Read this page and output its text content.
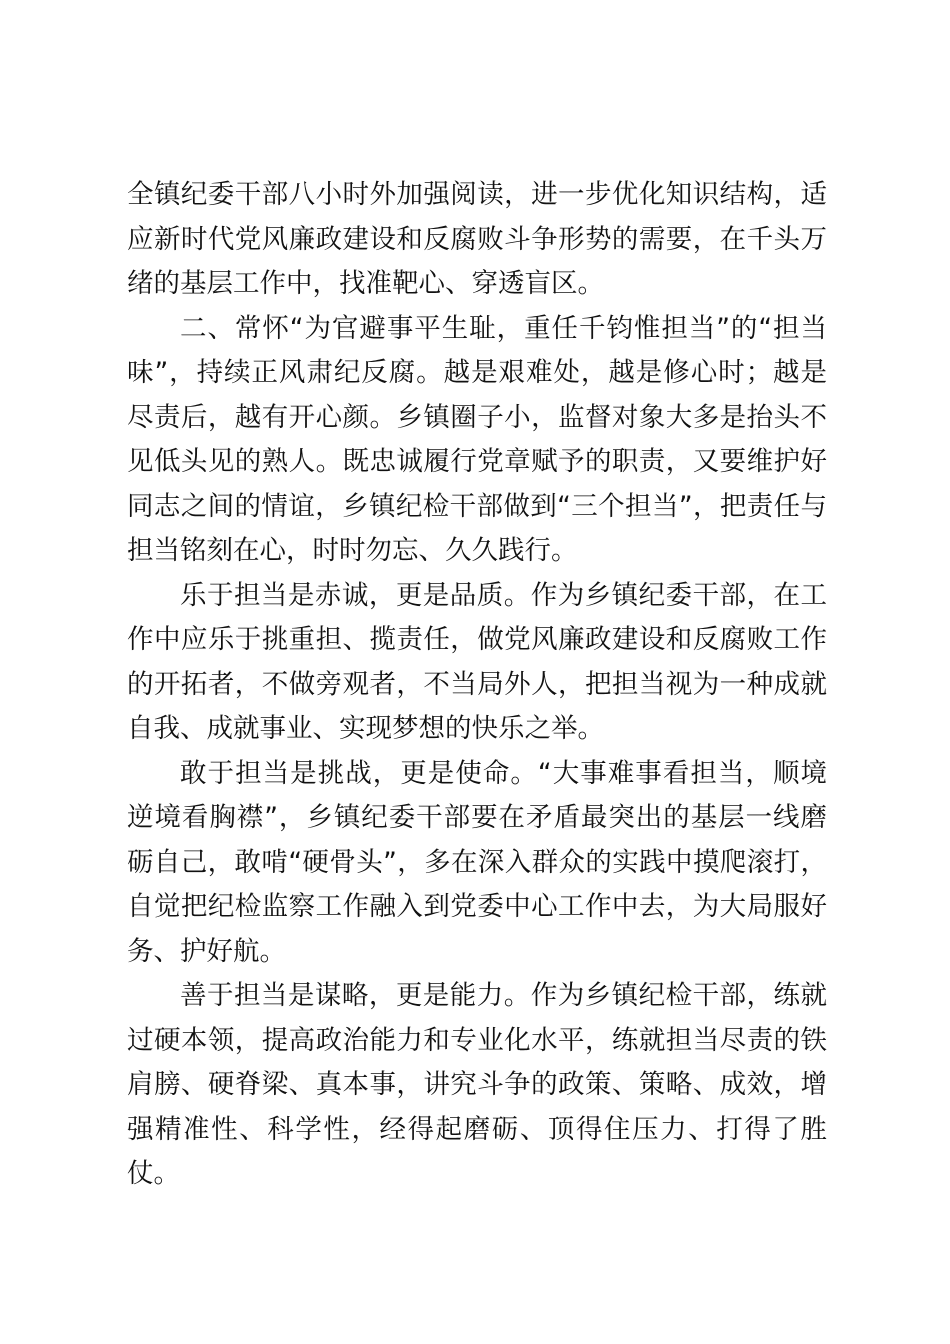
全镇纪委干部八小时外加强阅读，进一步优化知识结构，适应新时代党风廉政建设和反腐败斗争形势的需要，在千头万绪的基层工作中，找准靶心、穿透盲区。

二、常怀“为官避事平生耻，重任千钧惟担当”的“担当味”，持续正风肃纪反腐。越是艰难处，越是修心时；越是尽责后，越有开心颜。乡镇圈子小，监督对象大多是抬头不见低头见的熟人。既忠诚履行党章赋予的职责，又要维护好同志之间的情谊，乡镇纪检干部做到“三个担当”，把责任与担当铭刻在心，时时勿忘、久久践行。

乐于担当是赤诚，更是品质。作为乡镇纪委干部，在工作中应乐于挑重担、揽责任，做党风廉政建设和反腐败工作的开拓者，不做旁观者，不当局外人，把担当视为一种成就自我、成就事业、实现梦想的快乐之举。

敢于担当是挑战，更是使命。“大事难事看担当，顺境逆境看胸襟”，乡镇纪委干部要在矛盾最突出的基层一线磨砺自己，敢啃“硬骨头”，多在深入群众的实践中摸爬滚打，自觉把纪检监察工作融入到党委中心工作中去，为大局服好务、护好航。

善于担当是谋略，更是能力。作为乡镇纪检干部，练就过硬本领，提高政治能力和专业化水平，练就担当尽责的铁肩膀、硬脊梁、真本事，讲究斗争的政策、策略、成效，增强精准性、科学性，经得起磨砺、顶得住压力、打得了胜仗。
